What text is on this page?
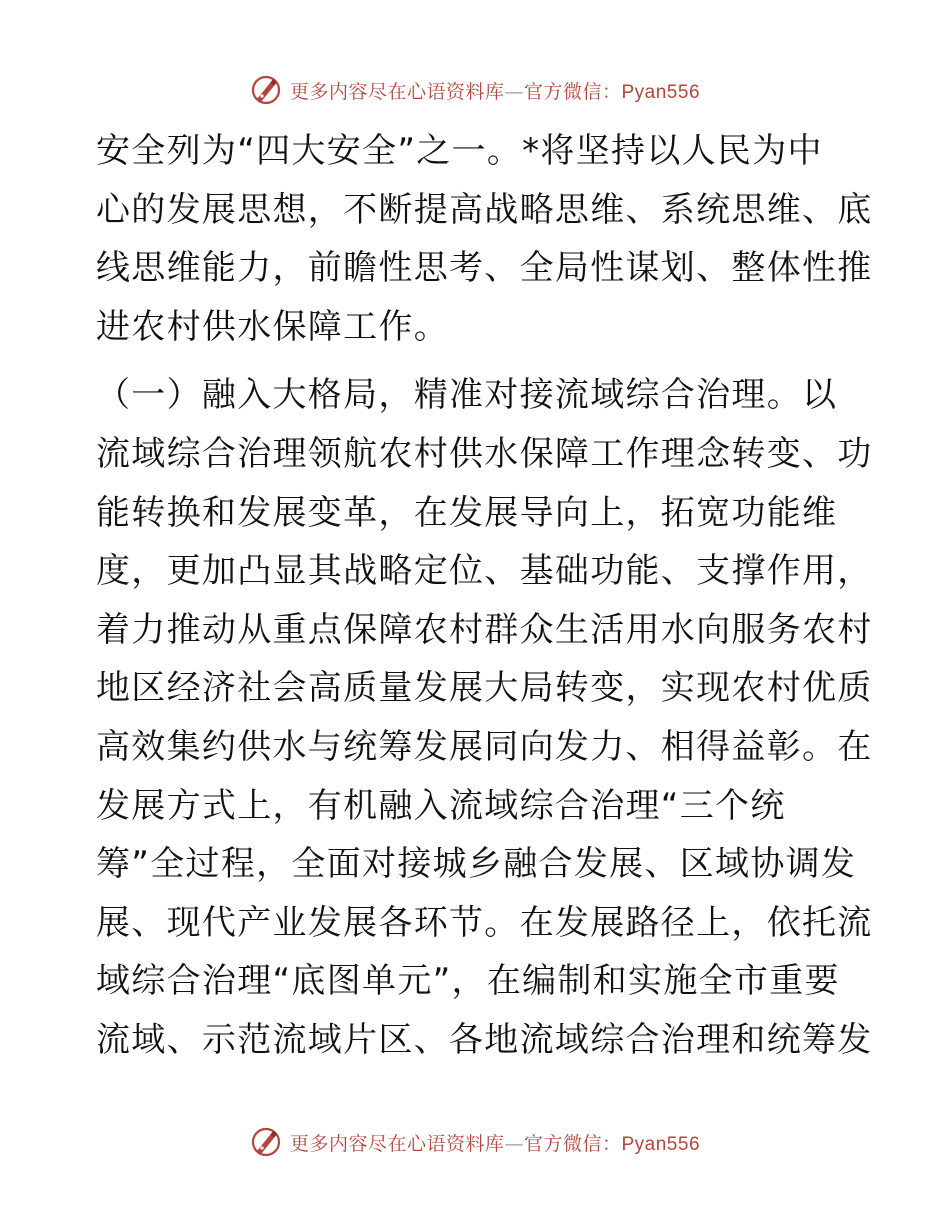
更多内容尽在心语资料库—官方微信：Pyan556
安全列为“四大安全”之一。*将坚持以人民为中
心的发展思想，不断提高战略思维、系统思维、底
线思维能力，前瞻性思考、全局性谋划、整体性推
进农村供水保障工作。
（一）融入大格局，精准对接流域综合治理。以
流域综合治理领航农村供水保障工作理念转变、功
能转换和发展变革，在发展导向上，拓宽功能维
度，更加凸显其战略定位、基础功能、支撑作用，
着力推动从重点保障农村群众生活用水向服务农村
地区经济社会高质量发展大局转变，实现农村优质
高效集约供水与统筹发展同向发力、相得益彰。在
发展方式上，有机融入流域综合治理“三个统
筹”全过程，全面对接城乡融合发展、区域协调发
展、现代产业发展各环节。在发展路径上，依托流
域综合治理“底图单元”，在编制和实施全市重要
流域、示范流域片区、各地流域综合治理和统筹发
更多内容尽在心语资料库—官方微信：Pyan556
